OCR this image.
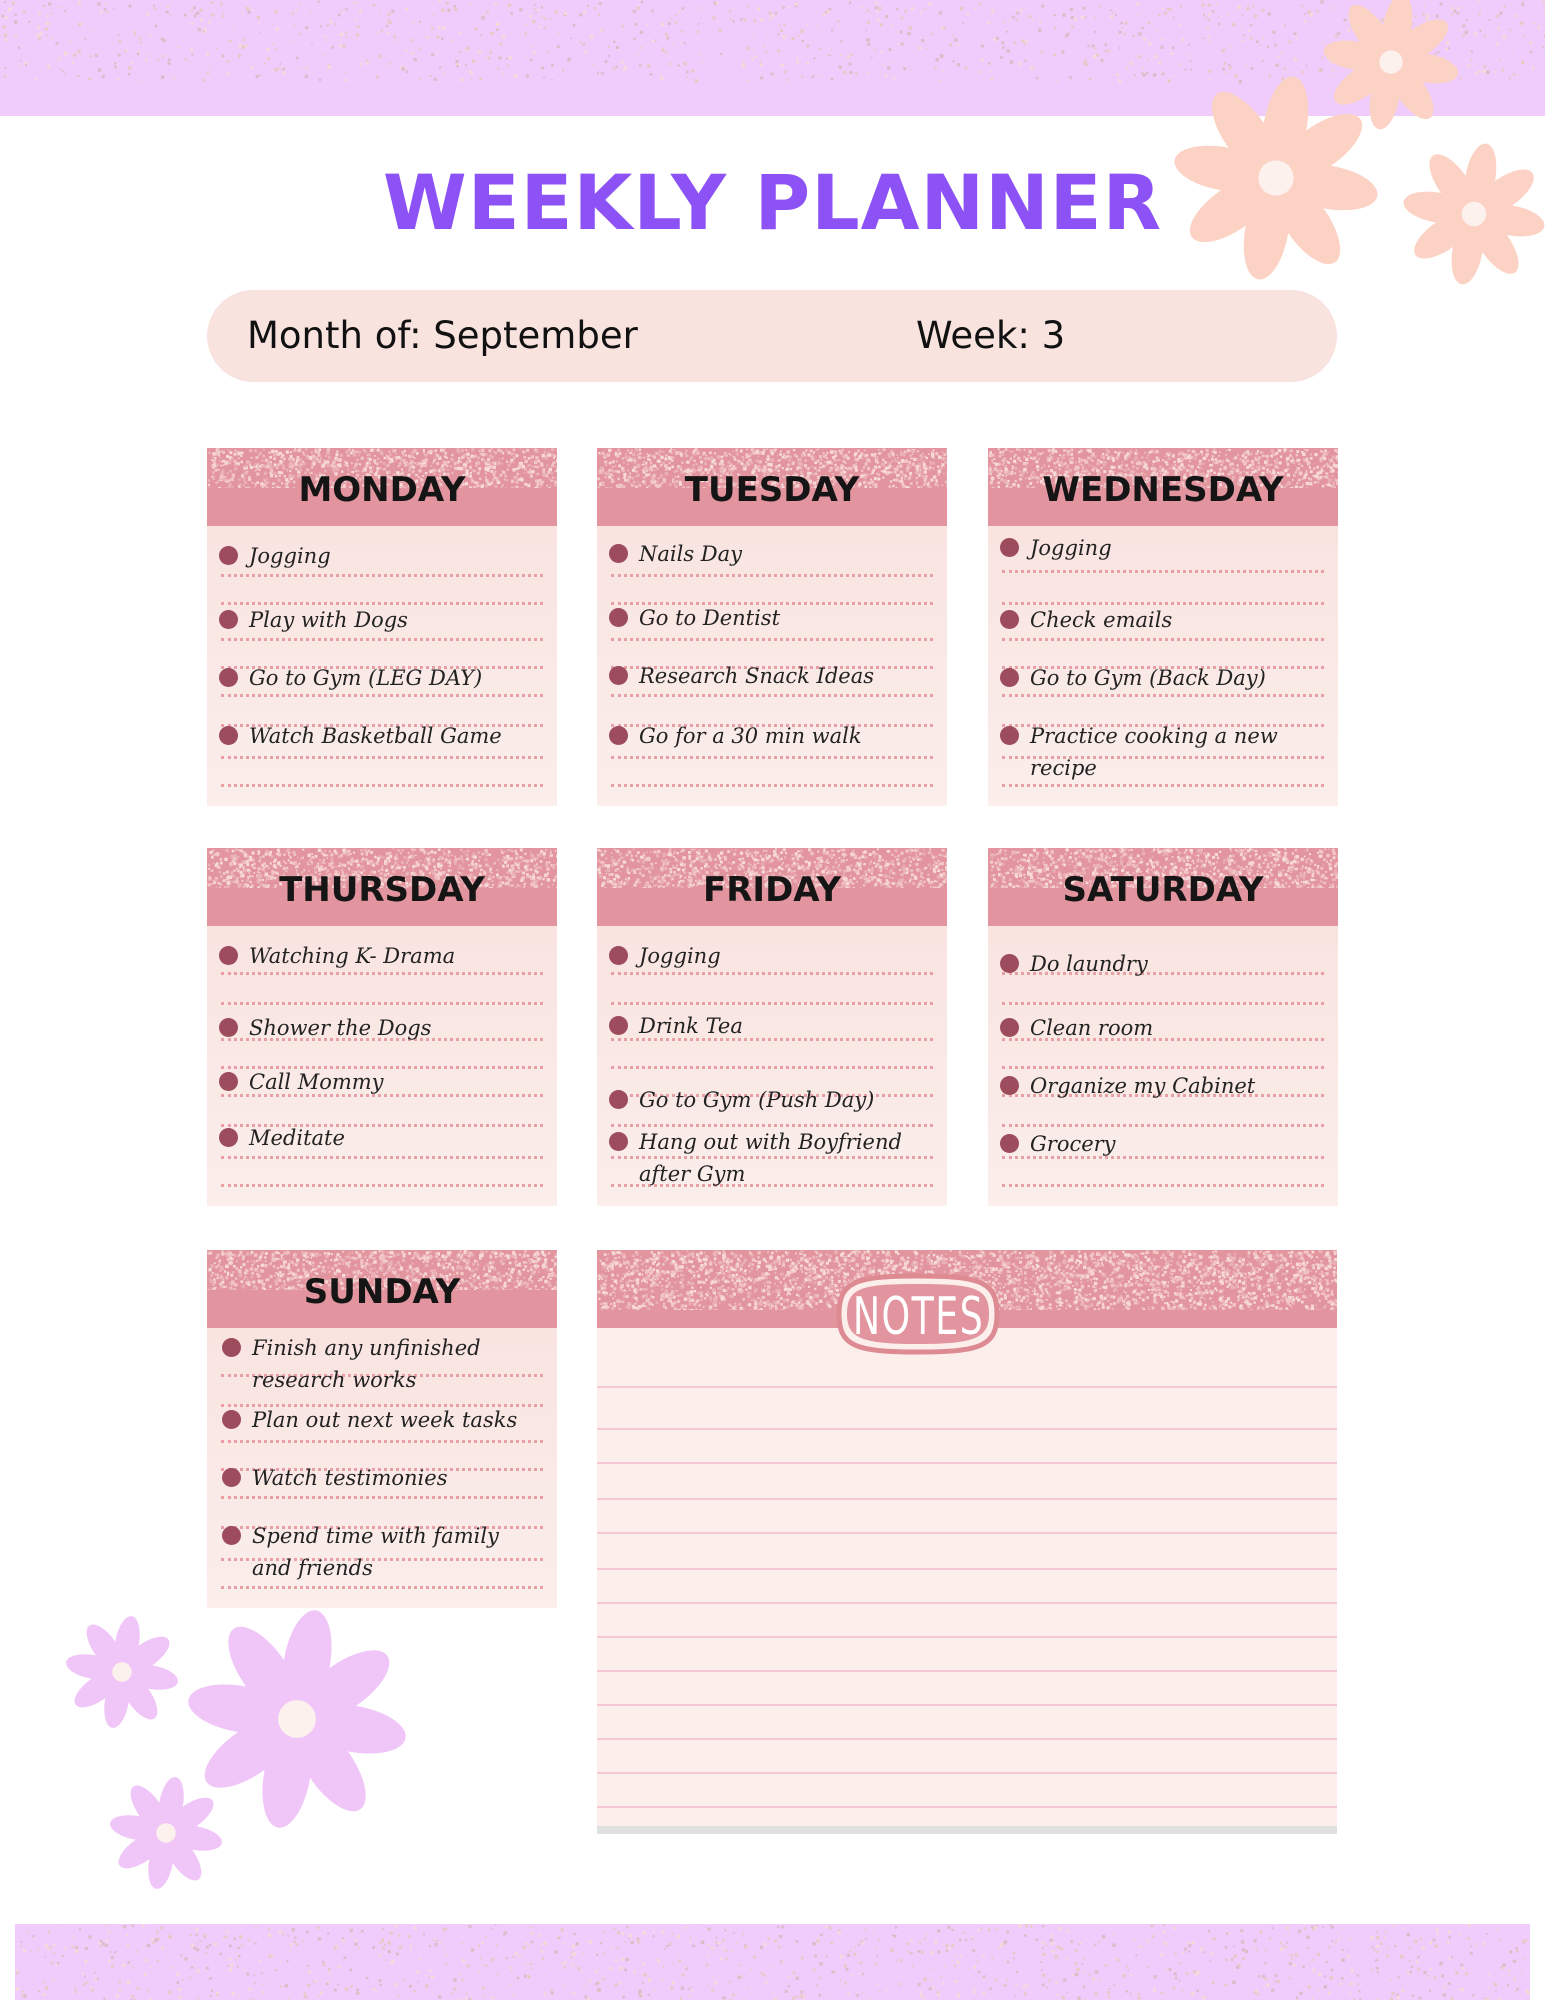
WEEKLY PLANNER
Month of: September	Week: 3
MONDAY
Jogging
Play with Dogs
Go to Gym (LEG DAY)
Watch Basketball Game
TUESDAY
Nails Day
Go to Dentist
Research Snack Ideas
Go for a 30 min walk
WEDNESDAY
Jogging
Check emails
Go to Gym (Back Day)
Practice cooking a new recipe
THURSDAY
Watching K- Drama
Shower the Dogs
Call Mommy
Meditate
FRIDAY
Jogging
Drink Tea
Go to Gym (Push Day)
Hang out with Boyfriend after Gym
SATURDAY
Do laundry
Clean room
Organize my Cabinet
Grocery
SUNDAY
Finish any unfinished research works
Plan out next week tasks
Watch testimonies
Spend time with family and friends
NOTES
